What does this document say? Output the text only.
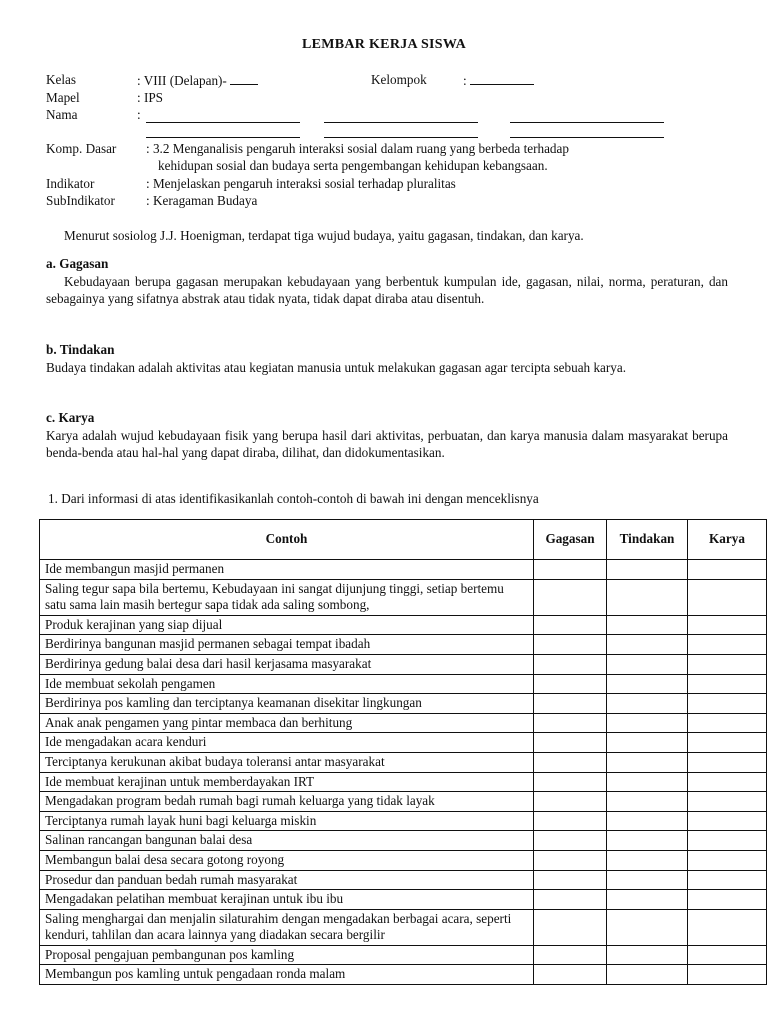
LEMBAR KERJA SISWA
Kelas	: VIII (Delapan)-	Kelompok	:
Mapel	: IPS
Nama	:
Komp. Dasar : 3.2 Menganalisis pengaruh interaksi sosial dalam ruang yang berbeda terhadap
kehidupan sosial dan budaya serta pengembangan kehidupan kebangsaan.
Indikator	: Menjelaskan pengaruh interaksi sosial terhadap pluralitas
SubIndikator : Keragaman Budaya
Menurut sosiolog J.J. Hoenigman, terdapat tiga wujud budaya, yaitu gagasan, tindakan, dan karya.
a. Gagasan
Kebudayaan berupa gagasan merupakan kebudayaan yang berbentuk kumpulan ide, gagasan, nilai, norma, peraturan, dan sebagainya yang sifatnya abstrak atau tidak nyata, tidak dapat diraba atau disentuh.
b. Tindakan
Budaya tindakan adalah aktivitas atau kegiatan manusia untuk melakukan gagasan agar tercipta sebuah karya.
c. Karya
Karya adalah wujud kebudayaan fisik yang berupa hasil dari aktivitas, perbuatan, dan karya manusia dalam masyarakat berupa benda-benda atau hal-hal yang dapat diraba, dilihat, dan didokumentasikan.
1. Dari informasi di atas identifikasikanlah contoh-contoh di bawah ini dengan menceklisnya
Contoh	Gagasan	Tindakan	Karya
Ide membangun masjid permanen			
Saling tegur sapa bila bertemu, Kebudayaan ini sangat dijunjung tinggi, setiap bertemu satu sama lain masih bertegur sapa tidak ada saling sombong,			
Produk kerajinan yang siap dijual			
Berdirinya bangunan masjid permanen sebagai tempat ibadah			
Berdirinya gedung balai desa dari hasil kerjasama masyarakat			
Ide membuat sekolah pengamen			
Berdirinya pos kamling dan terciptanya keamanan disekitar lingkungan			
Anak anak pengamen yang pintar membaca dan berhitung			
Ide mengadakan acara kenduri			
Terciptanya kerukunan akibat budaya toleransi antar masyarakat			
Ide membuat kerajinan untuk memberdayakan IRT			
Mengadakan program bedah rumah bagi rumah keluarga yang tidak layak			
Terciptanya rumah layak huni bagi keluarga miskin			
Salinan rancangan bangunan balai desa			
Membangun balai desa secara gotong royong			
Prosedur dan panduan bedah rumah masyarakat			
Mengadakan pelatihan membuat kerajinan untuk ibu ibu			
Saling menghargai dan menjalin silaturahim dengan mengadakan berbagai acara, seperti kenduri, tahlilan dan acara lainnya yang diadakan secara bergilir			
Proposal pengajuan pembangunan pos kamling			
Membangun pos kamling untuk pengadaan ronda malam			
